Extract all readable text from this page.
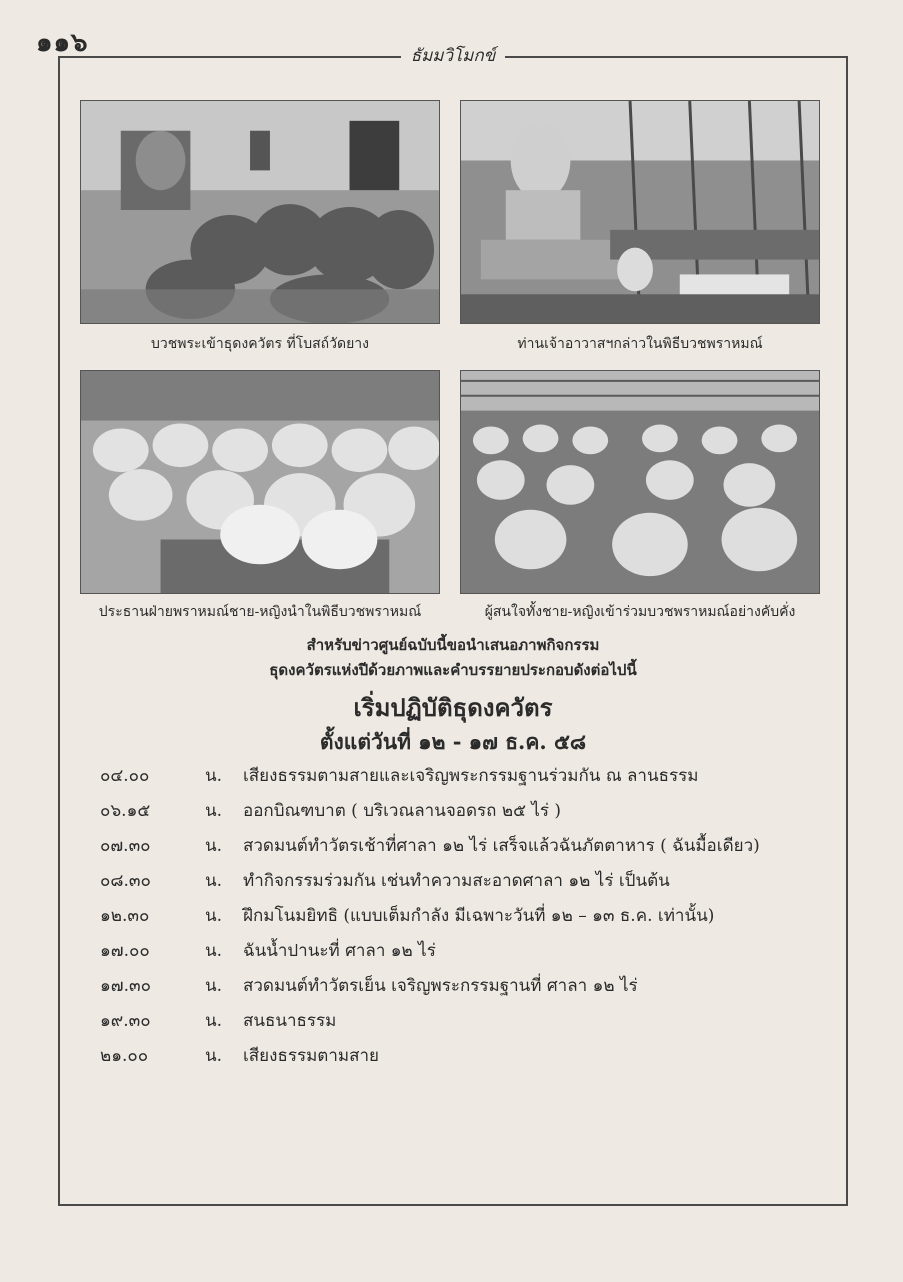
๑๑๖	ธัมมวิโมกข์
บวชพระเข้าธุดงควัตร ที่โบสถ์วัดยาง	ท่านเจ้าอาวาสฯกล่าวในพิธีบวชพราหมณ์
ประธานฝ่ายพราหมณ์ชาย-หญิงนำในพิธีบวชพราหมณ์	ผู้สนใจทั้งชาย-หญิงเข้าร่วมบวชพราหมณ์อย่างคับคั่ง
สำหรับข่าวศูนย์ฉบับนี้ขอนำเสนอภาพกิจกรรม
ธุดงควัตรแห่งปีด้วยภาพและคำบรรยายประกอบดังต่อไปนี้
เริ่มปฏิบัติธุดงควัตร
ตั้งแต่วันที่ ๑๒ - ๑๗ ธ.ค. ๕๘
๐๔.๐๐	น.	เสียงธรรมตามสายและเจริญพระกรรมฐานร่วมกัน ณ ลานธรรม
๐๖.๑๕	น.	ออกบิณฑบาต ( บริเวณลานจอดรถ ๒๕ ไร่ )
๐๗.๓๐	น.	สวดมนต์ทำวัตรเช้าที่ศาลา ๑๒ ไร่ เสร็จแล้วฉันภัตตาหาร ( ฉันมื้อเดียว)
๐๘.๓๐	น.	ทำกิจกรรมร่วมกัน เช่นทำความสะอาดศาลา ๑๒ ไร่ เป็นต้น
๑๒.๓๐	น.	ฝึกมโนมยิทธิ (แบบเต็มกำลัง มีเฉพาะวันที่ ๑๒ – ๑๓ ธ.ค. เท่านั้น)
๑๗.๐๐	น.	ฉันน้ำปานะที่ ศาลา ๑๒ ไร่
๑๗.๓๐	น.	สวดมนต์ทำวัตรเย็น เจริญพระกรรมฐานที่ ศาลา ๑๒ ไร่
๑๙.๓๐	น.	สนธนาธรรม
๒๑.๐๐	น.	เสียงธรรมตามสาย
